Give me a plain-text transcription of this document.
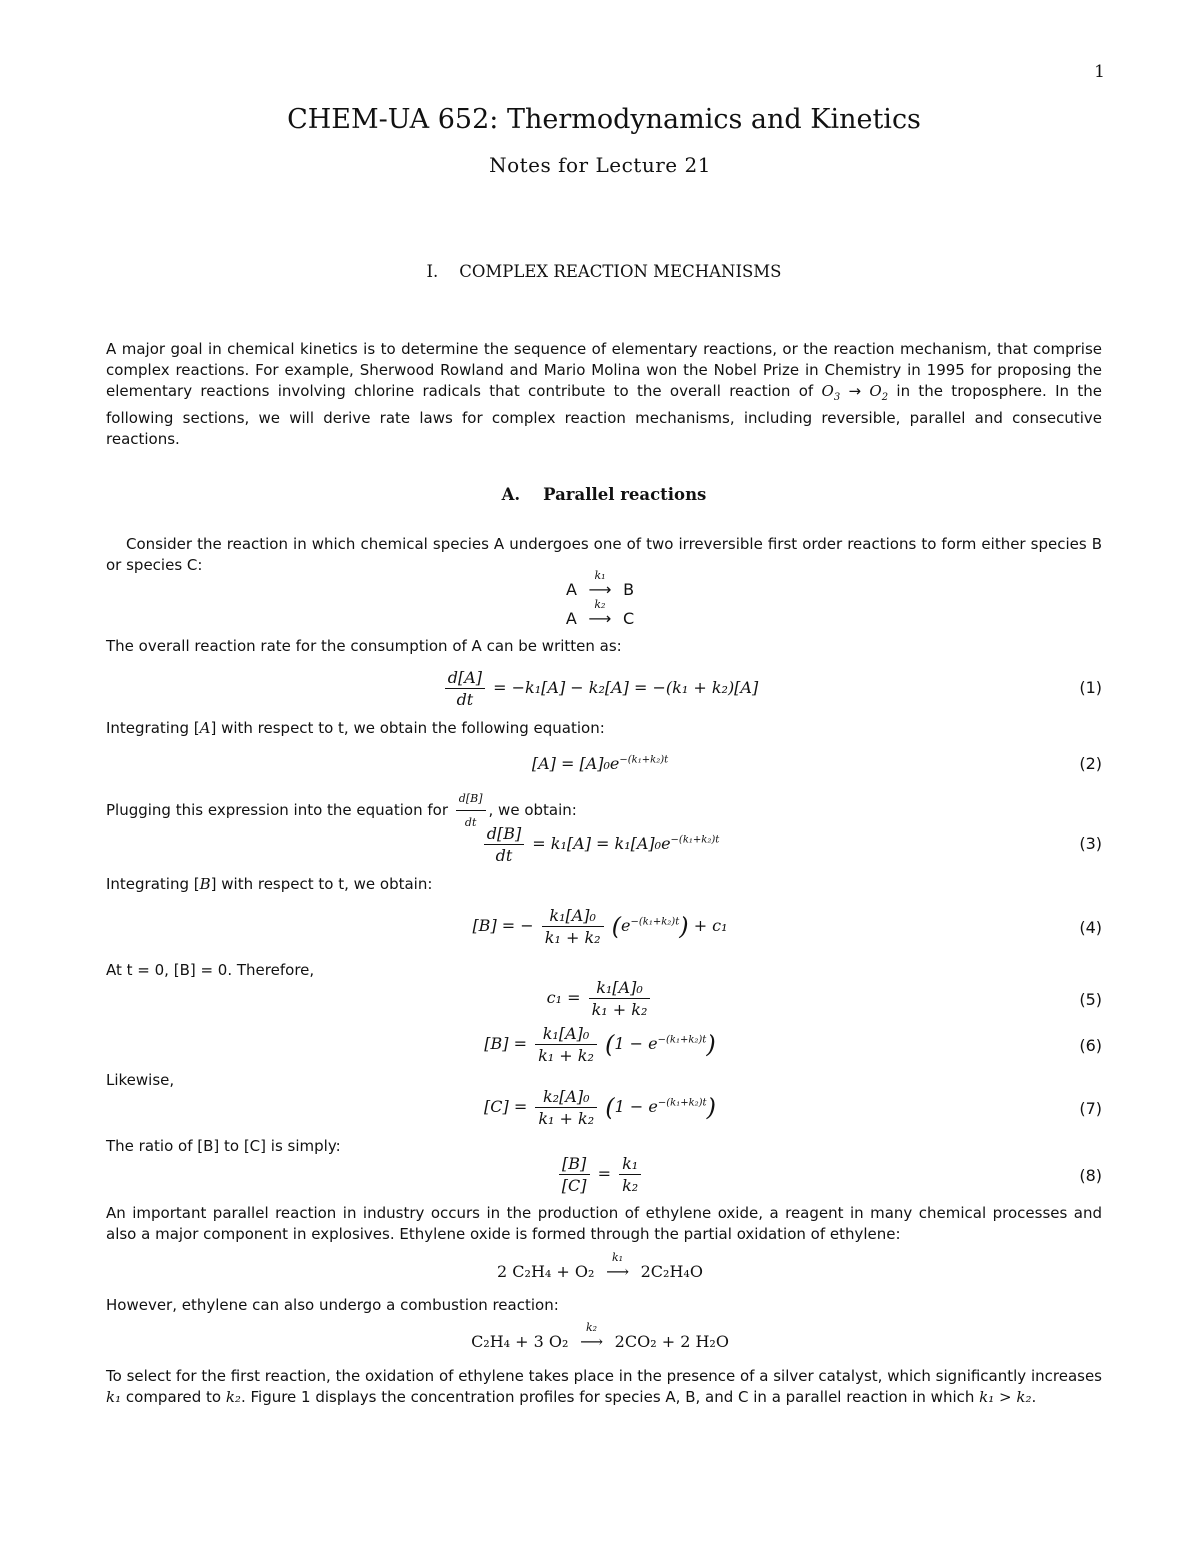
1
CHEM-UA 652: Thermodynamics and Kinetics
Notes for Lecture 21
I. COMPLEX REACTION MECHANISMS

A major goal in chemical kinetics is to determine the sequence of elementary reactions, or the reaction mechanism, that comprise complex reactions. For example, Sherwood Rowland and Mario Molina won the Nobel Prize in Chemistry in 1995 for proposing the elementary reactions involving chlorine radicals that contribute to the overall reaction of $O_3 \to O_2$ in the troposphere. In the following sections, we will derive rate laws for complex reaction mechanisms, including reversible, parallel and consecutive reactions.

A. Parallel reactions

Consider the reaction in which chemical species A undergoes one of two irreversible first order reactions to form either species B or species C:

A
k₁
⟶ B
A
k₂
⟶ C

The overall reaction rate for the consumption of A can be written as:

$\frac{d[A]}{dt} = -k_1[A] - k_2[A] = -(k_1 + k_2)[A]$	(1)

Integrating [A] with respect to t, we obtain the following equation:

$[A] = [A]_0e^{-(k_1+k_2)t}$	(2)

Plugging this expression into the equation for $\frac{d[B]}{dt}$ , we obtain:

$\frac{d[B]}{dt} = k_1[A] = k_1[A]_0e^{-(k_1+k_2)t}$	(3)

Integrating [B] with respect to t, we obtain:

[B] = − $\frac{\text{k₁[A]₀}}{\text{k₁ + k₂}} (e^{-(k_1+k_2)t}) + c_1$	(4)

At t = 0, [B] = 0. Therefore,

$c_1 = \frac{\text{k₁[A]₀}}{\text{k₁ + k₂}}$	(5)
$[B] = \frac{\text{k₁[A]₀}}{\text{k₁ + k₂}} (1 - e^{-(k_1+k_2)t})$	(6)

Likewise,

$[C] = \frac{\text{k₂[A]₀}}{\text{k₁ + k₂}} (1 - e^{-(k_1+k_2)t})$	(7)

The ratio of [B] to [C] is simply:

$\frac{[B]}{[C]} = \frac{\text{k₁}}{\text{k₂}}$	(8)

An important parallel reaction in industry occurs in the production of ethylene oxide, a reagent in many chemical processes and also a major component in explosives. Ethylene oxide is formed through the partial oxidation of ethylene:

2 C₂H₄ + O₂
k₁
⟶ 2C₂H₄O

However, ethylene can also undergo a combustion reaction:

C₂H₄ + 3 O₂
k₂
⟶ 2CO₂ + 2 H₂O

To select for the first reaction, the oxidation of ethylene takes place in the presence of a silver catalyst, which significantly increases k₁ compared to k₂. Figure 1 displays the concentration profiles for species A, B, and C in a parallel reaction in which k₁ > k₂.
